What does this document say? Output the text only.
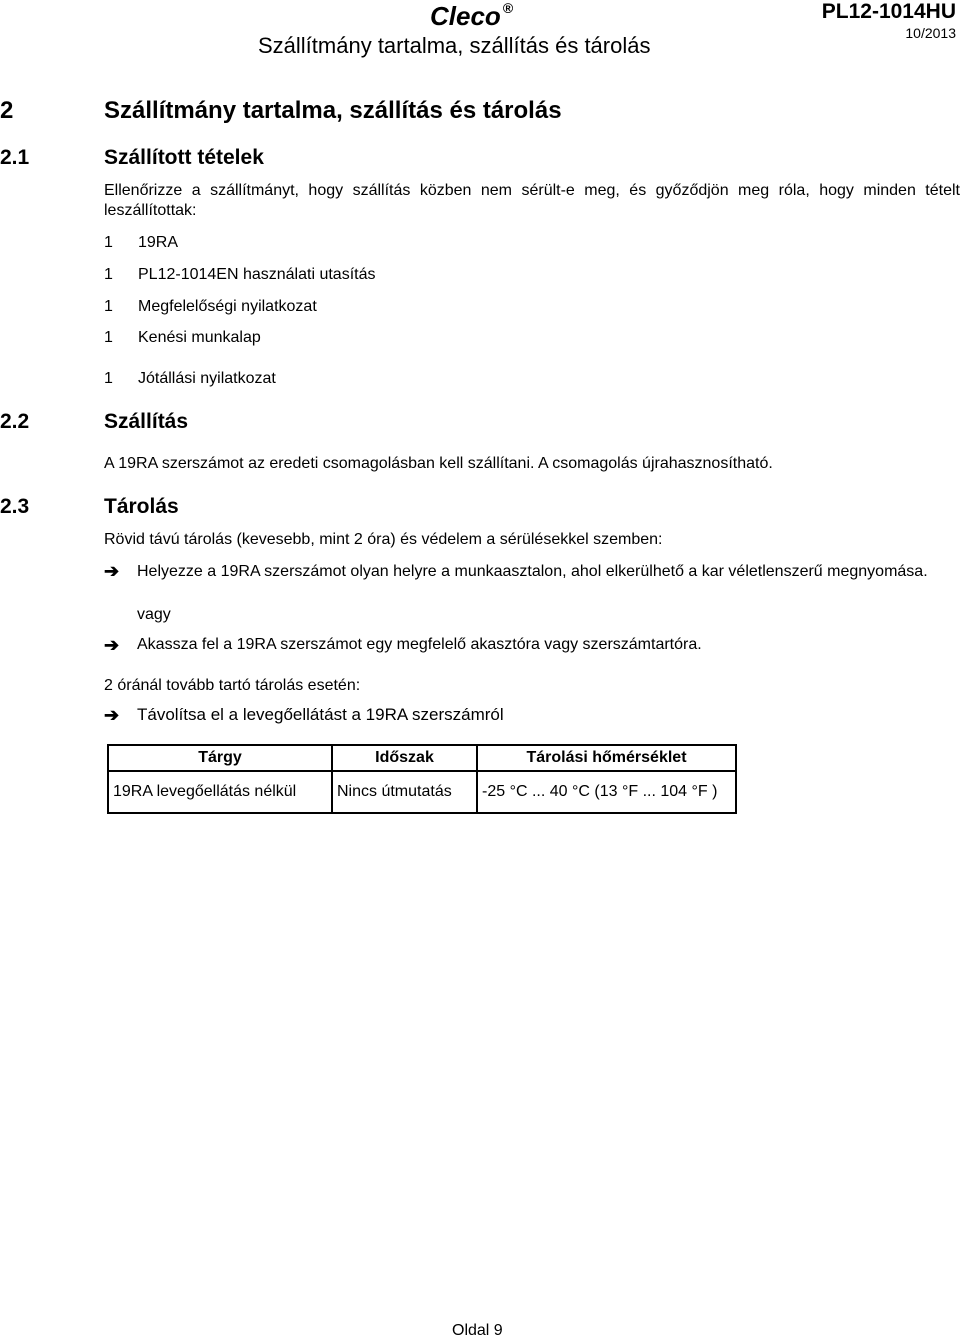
Cleco ®	PL12-1014HU
Szállítmány tartalma, szállítás és tárolás	10/2013
2	Szállítmány tartalma, szállítás és tárolás
2.1	Szállított tételek
Ellenőrizze a szállítmányt, hogy szállítás közben nem sérült-e meg, és győződjön meg róla, hogy minden tételt leszállítottak:
1 19RA
1 PL12-1014EN használati utasítás
1 Megfelelőségi nyilatkozat
1 Kenési munkalap
1 Jótállási nyilatkozat
2.2	Szállítás
A 19RA szerszámot az eredeti csomagolásban kell szállítani. A csomagolás újrahasznosítható.
2.3	Tárolás
Rövid távú tárolás (kevesebb, mint 2 óra) és védelem a sérülésekkel szemben:
➔ Helyezze a 19RA szerszámot olyan helyre a munkaasztalon, ahol elkerülhető a kar véletlenszerű megnyomása.
vagy
➔ Akassza fel a 19RA szerszámot egy megfelelő akasztóra vagy szerszámtartóra.
2 óránál tovább tartó tárolás esetén:
➔ Távolítsa el a levegőellátást a 19RA szerszámról
Tárgy	Időszak	Tárolási hőmérséklet
19RA levegőellátás nélkül	Nincs útmutatás	-25 °C ... 40 °C (13 °F ... 104 °F )
Oldal 9
